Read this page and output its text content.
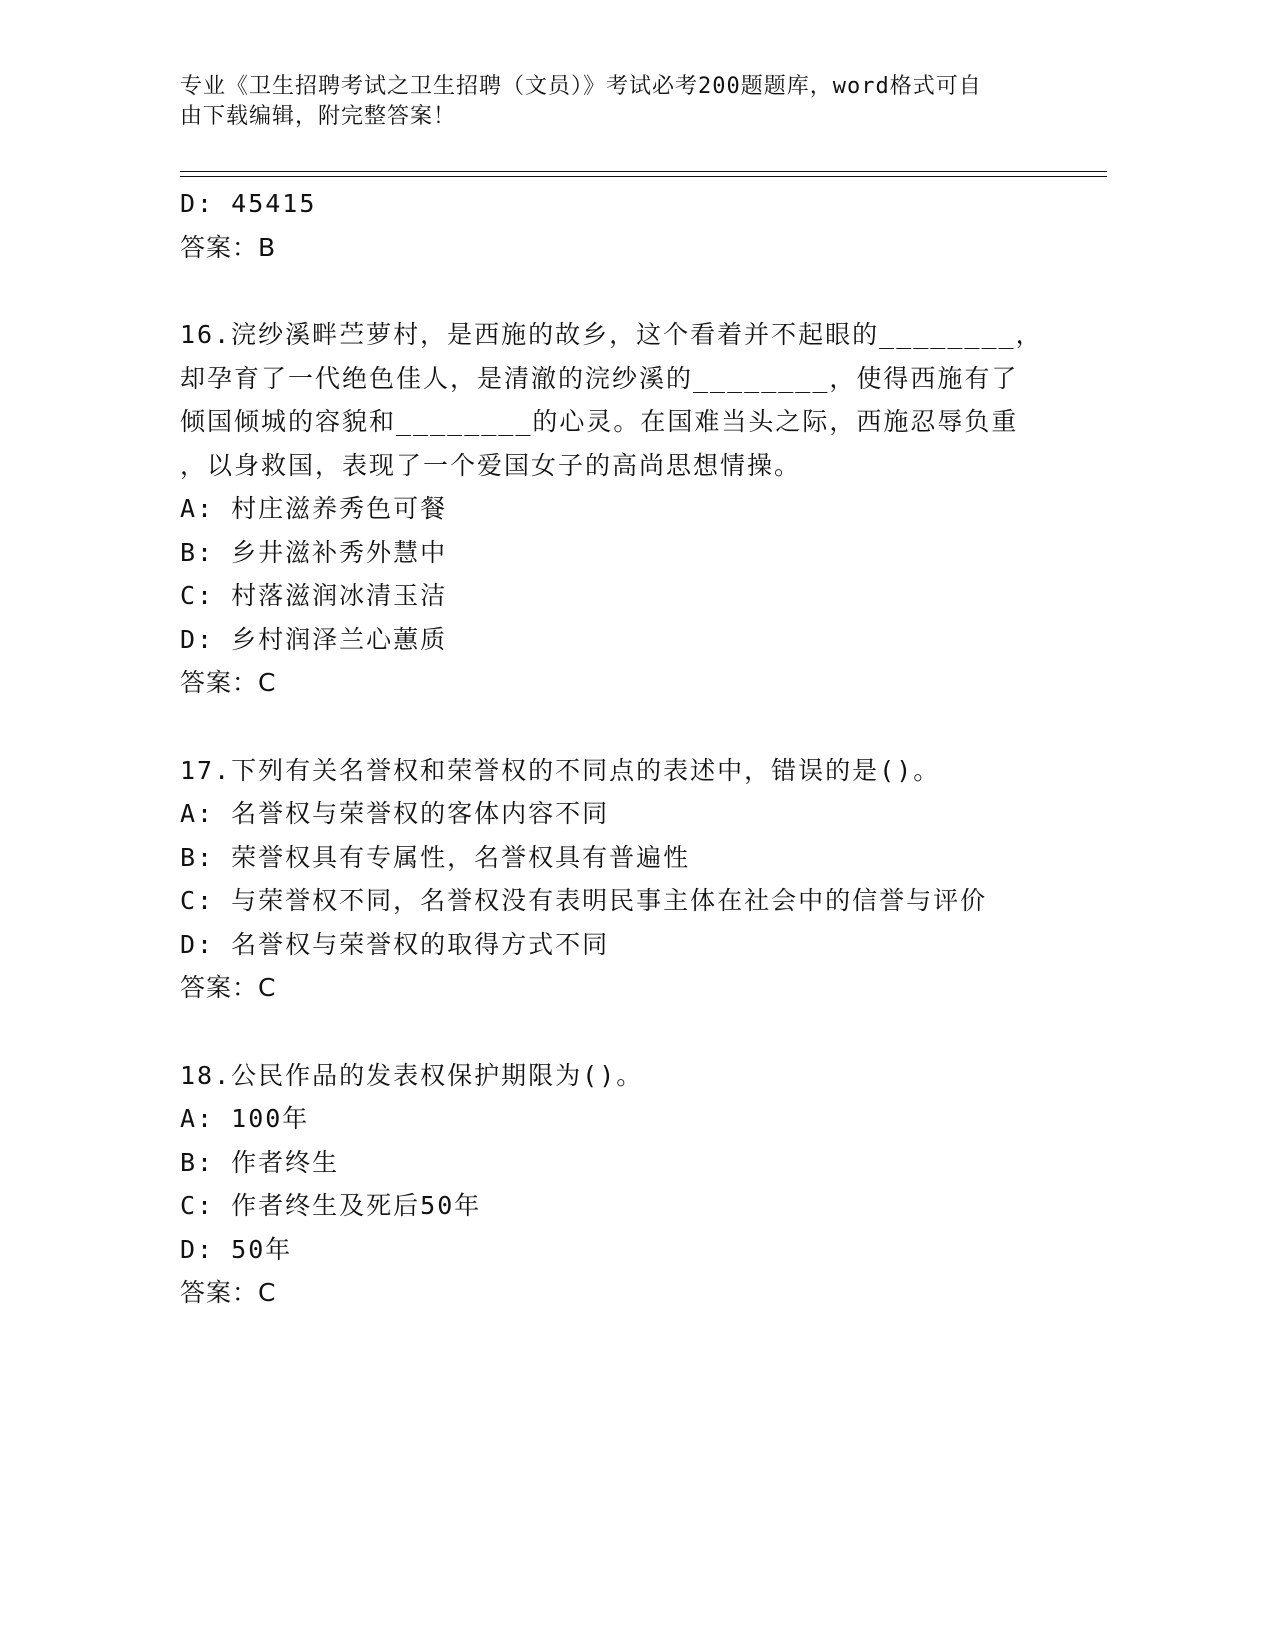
专业《卫生招聘考试之卫生招聘（文员）》考试必考200题题库，word格式可自
由下载编辑，附完整答案！
D: 45415
答案：B
16.浣纱溪畔苎萝村，是西施的故乡，这个看着并不起眼的________，
却孕育了一代绝色佳人，是清澈的浣纱溪的________，使得西施有了
倾国倾城的容貌和________的心灵。在国难当头之际，西施忍辱负重
，以身救国，表现了一个爱国女子的高尚思想情操。
A: 村庄滋养秀色可餐
B: 乡井滋补秀外慧中
C: 村落滋润冰清玉洁
D: 乡村润泽兰心蕙质
答案：C
17.下列有关名誉权和荣誉权的不同点的表述中，错误的是()。
A: 名誉权与荣誉权的客体内容不同
B: 荣誉权具有专属性，名誉权具有普遍性
C: 与荣誉权不同，名誉权没有表明民事主体在社会中的信誉与评价
D: 名誉权与荣誉权的取得方式不同
答案：C
18.公民作品的发表权保护期限为()。
A: 100年
B: 作者终生
C: 作者终生及死后50年
D: 50年
答案：C
